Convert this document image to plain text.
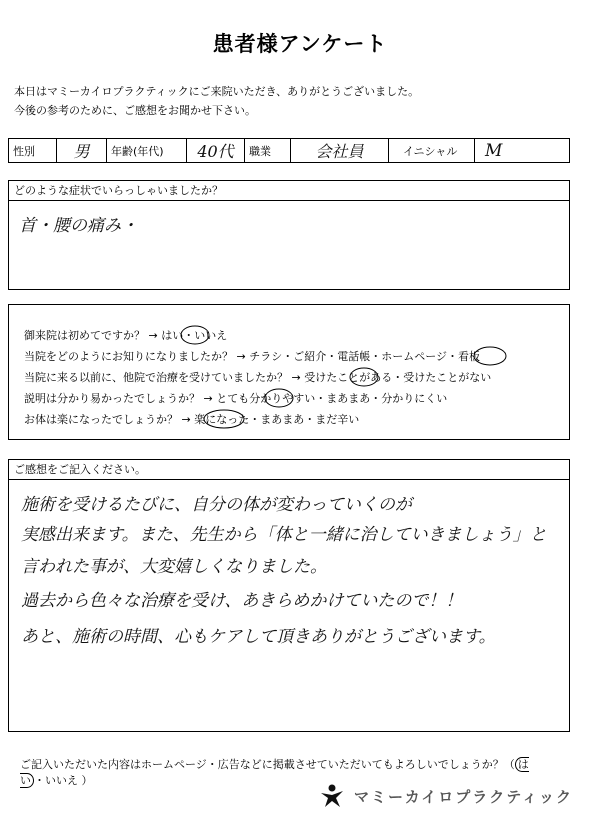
患者様アンケート
本日はマミーカイロプラクティックにご来院いただき、ありがとうございました。
今後の参考のために、ご感想をお聞かせ下さい。
性別	男	年齢(年代)	40代	職業	会社員	イニシャル	M
どのような症状でいらっしゃいましたか？
首・腰の痛み・
御来院は初めてですか？ → はい・いいえ
当院をどのようにお知りになりましたか？ → チラシ・ご紹介・電話帳・ホームページ・看板
当院に来る以前に、他院で治療を受けていましたか？ → 受けたことがある・受けたことがない
説明は分かり易かったでしょうか？ → とても分かりやすい・まあまあ・分かりにくい
お体は楽になったでしょうか？ → 楽になった・まあまあ・まだ辛い
ご感想をご記入ください。
施術を受けるたびに、自分の体が変わっていくのが
実感出来ます。また、先生から「体と一緒に治していきましょう」と
言われた事が、大変嬉しくなりました。
過去から色々な治療を受け、あきらめかけていたので！！
あと、施術の時間、心もケアして頂きありがとうございます。
ご記入いただいた内容はホームページ・広告などに掲載させていただいてもよろしいでしょうか？（ はい ・いいえ ）
マミーカイロプラクティック
